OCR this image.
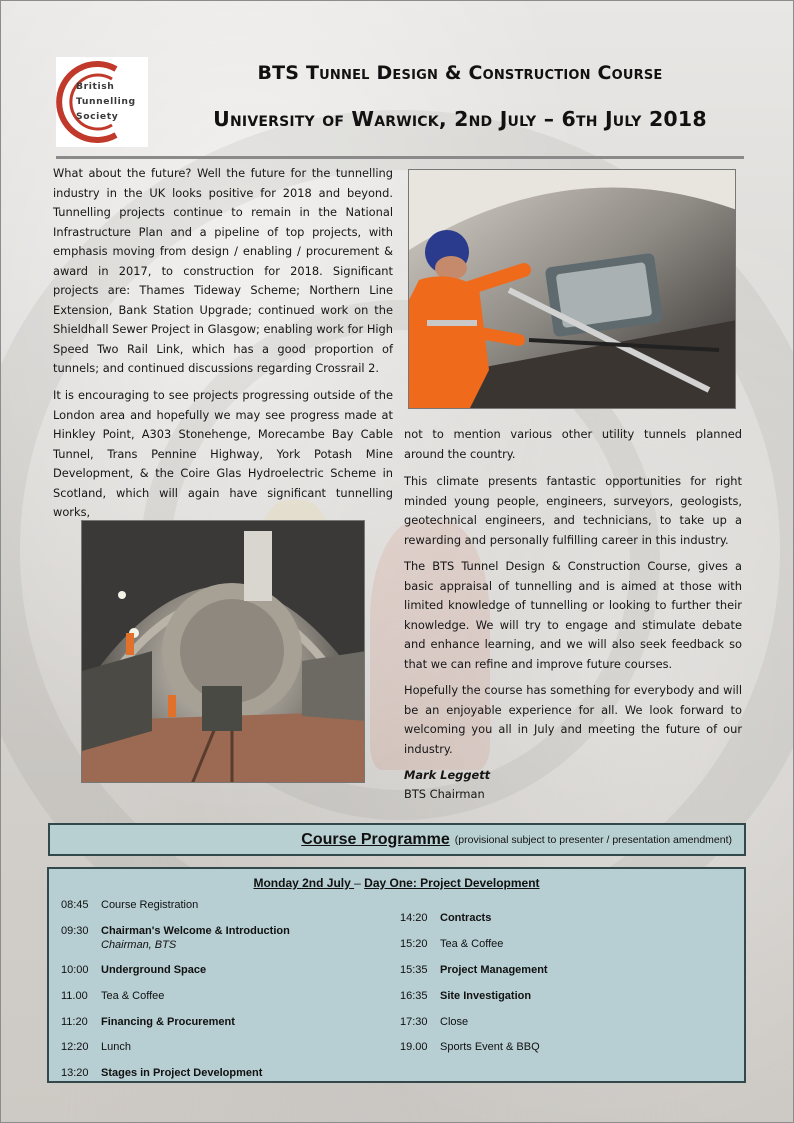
British
Tunnelling
Society
BTS Tunnel Design & Construction Course
University of Warwick, 2nd July – 6th July 2018

What about the future? Well the future for the tunnelling industry in the UK looks positive for 2018 and beyond. Tunnelling projects continue to remain in the National Infrastructure Plan and a pipeline of top projects, with emphasis moving from design / enabling / procurement & award in 2017, to construction for 2018. Significant projects are: Thames Tideway Scheme; Northern Line Extension, Bank Station Upgrade; continued work on the Shieldhall Sewer Project in Glasgow; enabling work for High Speed Two Rail Link, which has a good proportion of tunnels; and continued discussions regarding Crossrail 2.

It is encouraging to see projects progressing outside of the London area and hopefully we may see progress made at Hinkley Point, A303 Stonehenge, Morecambe Bay Cable Tunnel, Trans Pennine Highway, York Potash Mine Development, & the Coire Glas Hydroelectric Scheme in Scotland, which will again have significant tunnelling works,

not to mention various other utility tunnels planned around the country.

This climate presents fantastic opportunities for right minded young people, engineers, surveyors, geologists, geotechnical engineers, and technicians, to take up a rewarding and personally fulfilling career in this industry.

The BTS Tunnel Design & Construction Course, gives a basic appraisal of tunnelling and is aimed at those with limited knowledge of tunnelling or looking to further their knowledge. We will try to engage and stimulate debate and enhance learning, and we will also seek feedback so that we can refine and improve future courses.

Hopefully the course has something for everybody and will be an enjoyable experience for all. We look forward to welcoming you all in July and meeting the future of our industry.

Mark Leggett
BTS Chairman
Course Programme (provisional subject to presenter / presentation amendment)
Monday 2nd July – Day One: Project Development
08:45	Course Registration
09:30	Chairman's Welcome & Introduction
Chairman, BTS
10:00	Underground Space
11.00	Tea & Coffee
11:20	Financing & Procurement
12:20	Lunch
13:20	Stages in Project Development
14:20	Contracts
15:20	Tea & Coffee
15:35	Project Management
16:35	Site Investigation
17:30	Close
19.00	Sports Event & BBQ
